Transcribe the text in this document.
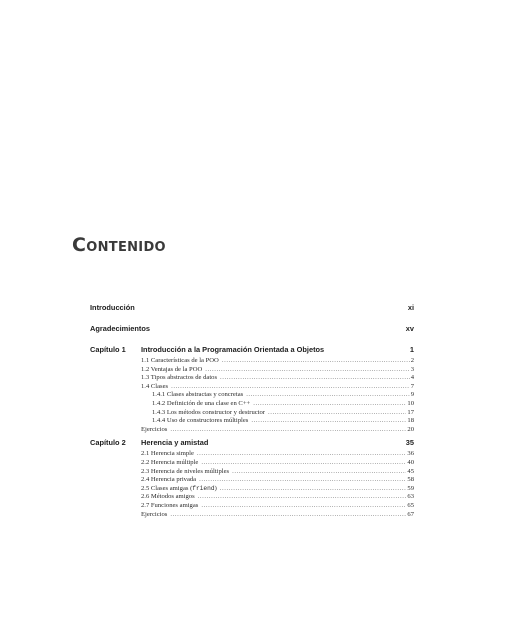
Contenido
Introducción	xi
Agradecimientos	xv
Capítulo 1	Introducción a la Programación Orientada a Objetos	1
1.1 Características de la POO .....	2
1.2 Ventajas de la POO .....	3
1.3 Tipos abstractos de datos .....	4
1.4 Clases .....	7
1.4.1 Clases abstractas y concretas .....	9
1.4.2 Definición de una clase en C++ .....	10
1.4.3 Los métodos constructor y destructor .....	17
1.4.4 Uso de constructores múltiples .....	18
Ejercicios .....	20
Capítulo 2	Herencia y amistad	35
2.1 Herencia simple .....	36
2.2 Herencia múltiple .....	40
2.3 Herencia de niveles múltiples .....	45
2.4 Herencia privada .....	58
2.5 Clases amigas (friend) .....	59
2.6 Métodos amigos .....	63
2.7 Funciones amigas .....	65
Ejercicios .....	67
